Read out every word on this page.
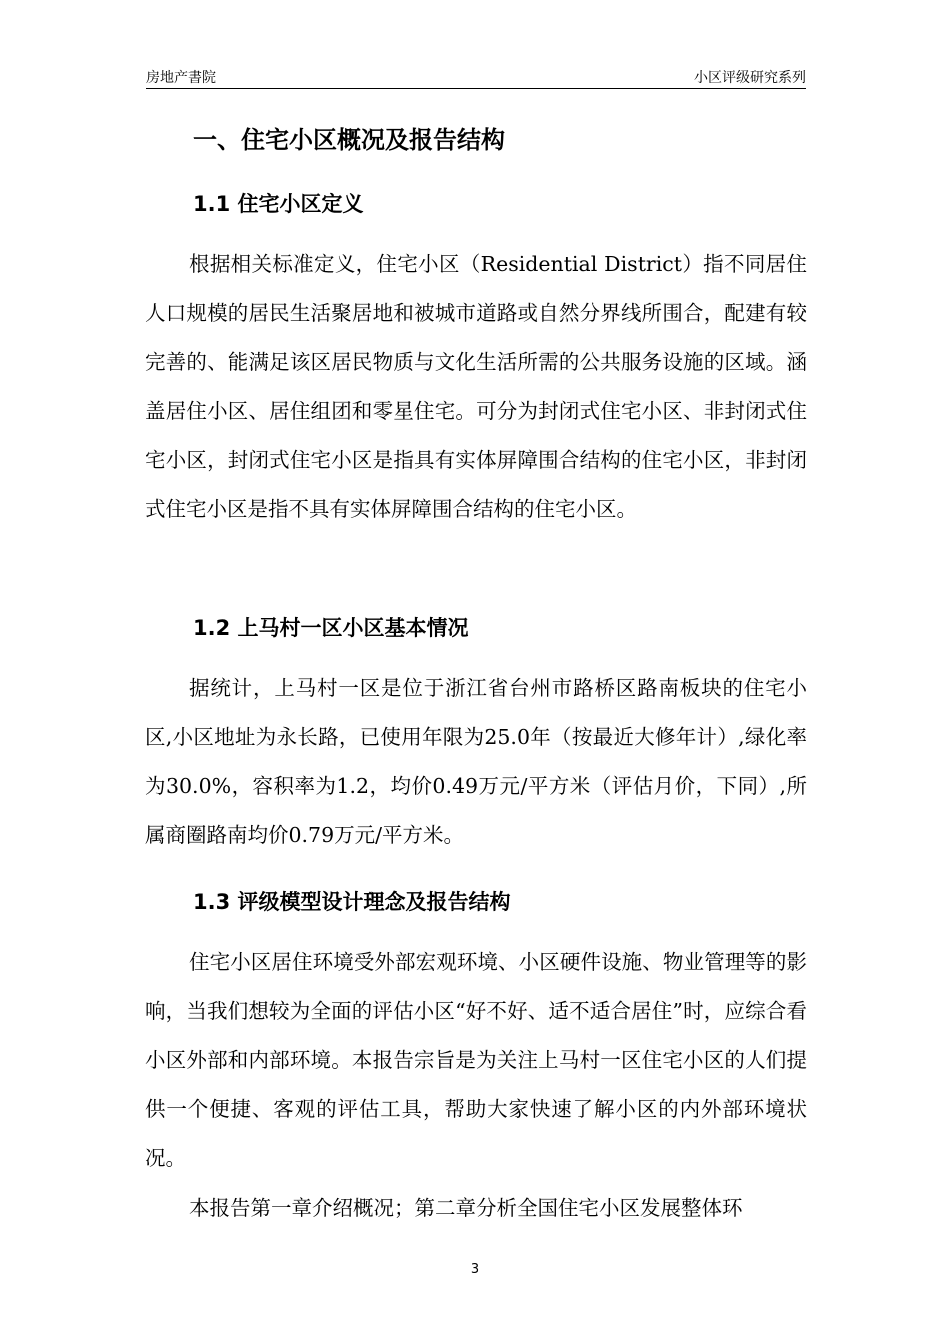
房地产書院	小区评级研究系列
一、住宅小区概况及报告结构
1.1 住宅小区定义
根据相关标准定义，住宅小区（Residential District）指不同居住人口规模的居民生活聚居地和被城市道路或自然分界线所围合，配建有较完善的、能满足该区居民物质与文化生活所需的公共服务设施的区域。涵盖居住小区、居住组团和零星住宅。可分为封闭式住宅小区、非封闭式住宅小区，封闭式住宅小区是指具有实体屏障围合结构的住宅小区，非封闭式住宅小区是指不具有实体屏障围合结构的住宅小区。
1.2 上马村一区小区基本情况
据统计，上马村一区是位于浙江省台州市路桥区路南板块的住宅小区,小区地址为永长路，已使用年限为25.0年（按最近大修年计）,绿化率为30.0%，容积率为1.2，均价0.49万元/平方米（评估月价，下同）,所属商圈路南均价0.79万元/平方米。
1.3 评级模型设计理念及报告结构
住宅小区居住环境受外部宏观环境、小区硬件设施、物业管理等的影响，当我们想较为全面的评估小区“好不好、适不适合居住”时，应综合看小区外部和内部环境。本报告宗旨是为关注上马村一区住宅小区的人们提供一个便捷、客观的评估工具，帮助大家快速了解小区的内外部环境状况。
本报告第一章介绍概况；第二章分析全国住宅小区发展整体环
3
